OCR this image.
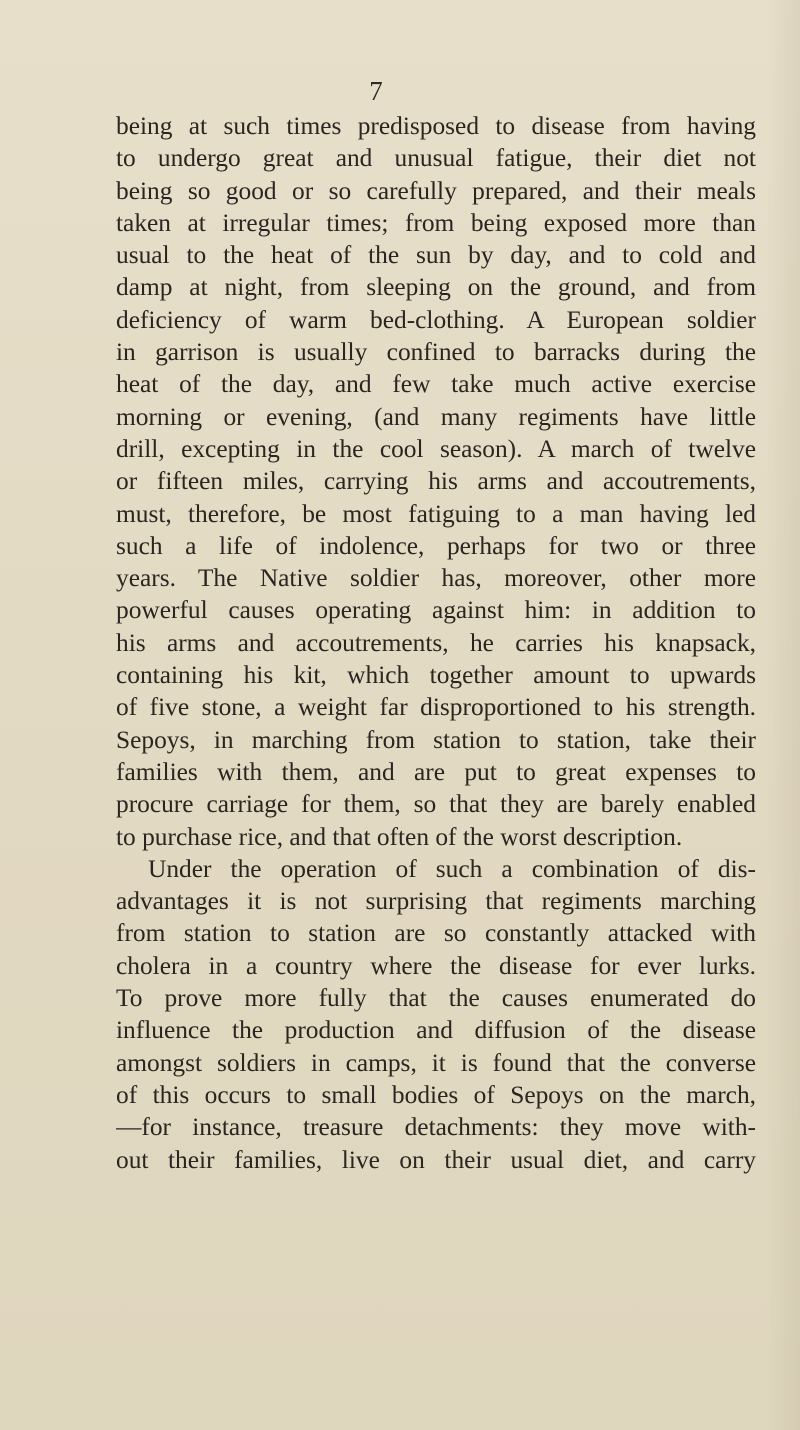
7
being at such times predisposed to disease from having
to undergo great and unusual fatigue, their diet not
being so good or so carefully prepared, and their meals
taken at irregular times; from being exposed more than
usual to the heat of the sun by day, and to cold and
damp at night, from sleeping on the ground, and from
deficiency of warm bed-clothing. A European soldier
in garrison is usually confined to barracks during the
heat of the day, and few take much active exercise
morning or evening, (and many regiments have little
drill, excepting in the cool season). A march of twelve
or fifteen miles, carrying his arms and accoutrements,
must, therefore, be most fatiguing to a man having led
such a life of indolence, perhaps for two or three
years. The Native soldier has, moreover, other more
powerful causes operating against him: in addition to
his arms and accoutrements, he carries his knapsack,
containing his kit, which together amount to upwards
of five stone, a weight far disproportioned to his strength.
Sepoys, in marching from station to station, take their
families with them, and are put to great expenses to
procure carriage for them, so that they are barely enabled
to purchase rice, and that often of the worst description.
Under the operation of such a combination of dis-
advantages it is not surprising that regiments marching
from station to station are so constantly attacked with
cholera in a country where the disease for ever lurks.
To prove more fully that the causes enumerated do
influence the production and diffusion of the disease
amongst soldiers in camps, it is found that the converse
of this occurs to small bodies of Sepoys on the march,
—for instance, treasure detachments: they move with-
out their families, live on their usual diet, and carry
